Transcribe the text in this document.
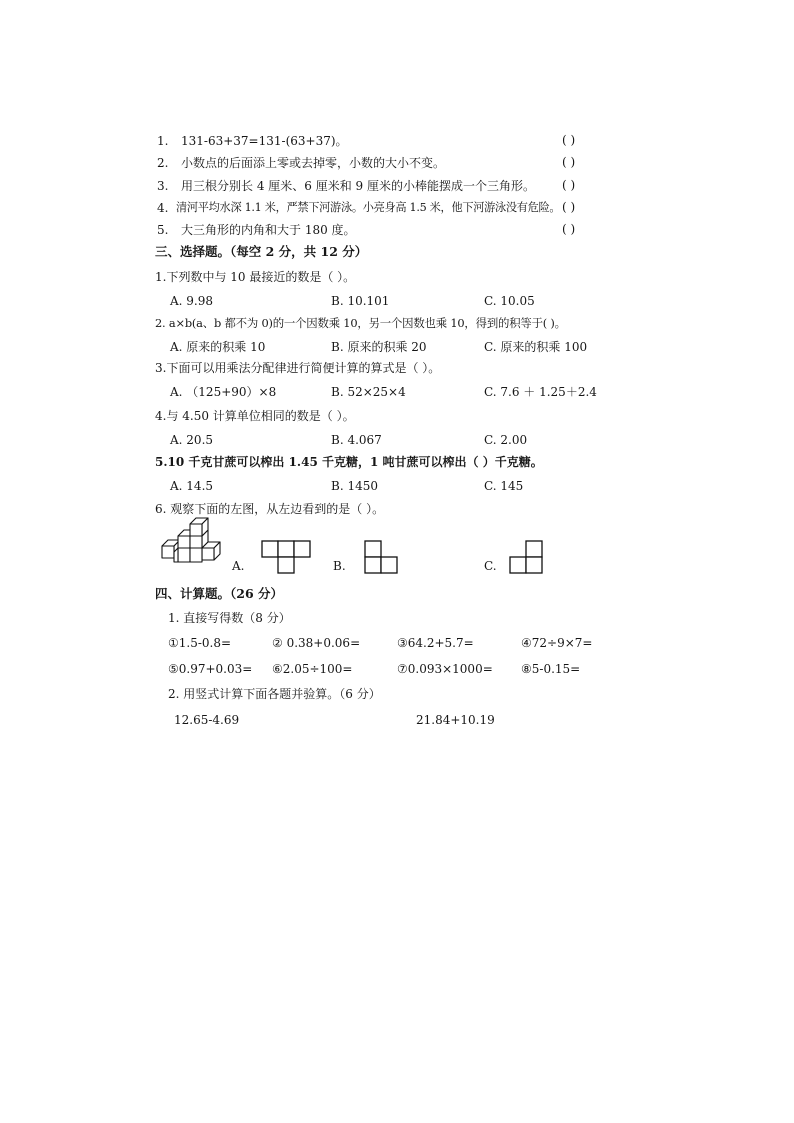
1. 131-63+37=131-(63+37)。	( )
2. 小数点的后面添上零或去掉零，小数的大小不变。	( )
3. 用三根分别长 4 厘米、6 厘米和 9 厘米的小棒能摆成一个三角形。 ( )
4. 清河平均水深 1.1 米，严禁下河游泳。小亮身高 1.5 米，他下河游泳没有危险。 ( )
5. 大三角形的内角和大于 180 度。	( )
三、选择题。（每空 2 分，共 12 分）
1.下列数中与 10 最接近的数是（ ）。
A. 9.98	B. 10.101	C. 10.05
2. a×b(a、b 都不为 0)的一个因数乘 10，另一个因数也乘 10，得到的积等于( )。
A. 原来的积乘 10	B. 原来的积乘 20	C. 原来的积乘 100
3.下面可以用乘法分配律进行简便计算的算式是（ ）。
A. （125+90）×8	B. 52×25×4	C. 7.6 ＋ 1.25＋2.4
4.与 4.50 计算单位相同的数是（ ）。
A. 20.5	B. 4.067	C. 2.00
5.10 千克甘蔗可以榨出 1.45 千克糖，1 吨甘蔗可以榨出（ ）千克糖。
A. 14.5	B. 1450	C. 145
6. 观察下面的左图，从左边看到的是（ ）。
A.	B.	C.
四、计算题。（26 分）
1. 直接写得数（8 分）
①1.5-0.8=	② 0.38+0.06=	③64.2+5.7=	④72÷9×7=
⑤0.97+0.03= ⑥2.05÷100=	⑦0.093×1000= ⑧5-0.15=
2. 用竖式计算下面各题并验算。（6 分）
12.65-4.69	21.84+10.19
